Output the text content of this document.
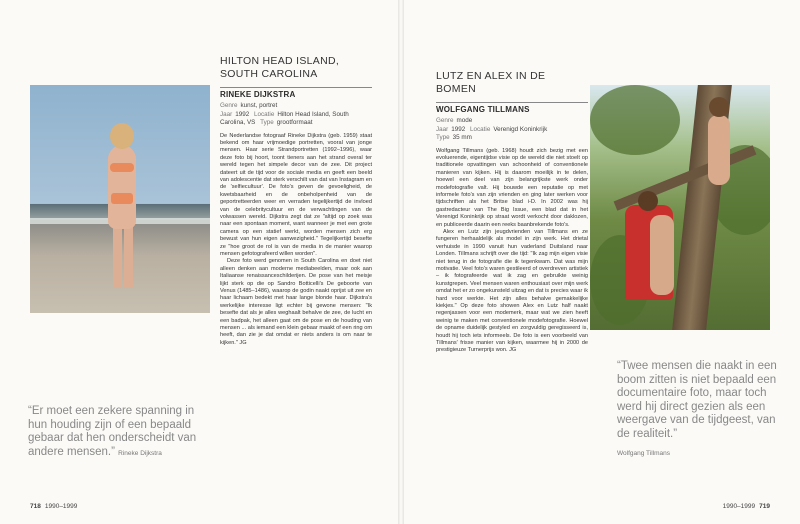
HILTON HEAD ISLAND, SOUTH CAROLINA
RINEKE DIJKSTRA
Genre kunst, portret
Jaar 1992 Locatie Hilton Head Island, South Carolina, VS Type grootformaat

De Nederlandse fotograaf Rineke Dijkstra (geb. 1959) staat bekend om haar vrijmoedige portretten, vooral van jonge mensen. Haar serie Strandportretten (1992–1996), waar deze foto bij hoort, toont tieners aan het strand overal ter wereld tegen het simpele decor van de zee. Dit project dateert uit de tijd voor de sociale media en geeft een beeld van adolescentie dat sterk verschilt van dat van Instagram en de 'selfiecultuur'. De foto's geven de gevoeligheid, de kwetsbaarheid en de onbeholpenheid van de geportretteerden weer en verraden tegelijkertijd de invloed van de celebritycultuur en de verwachtingen van de volwassen wereld. Dijkstra zegt dat ze "altijd op zoek was naar een spontaan moment, want wanneer je met een grote camera op een statief werkt, worden mensen zich erg bewust van hun eigen aanwezigheid." Tegelijkertijd besefte ze "hoe groot de rol is van de media in de manier waarop mensen gefotografeerd willen worden".

Deze foto werd genomen in South Carolina en doet niet alleen denken aan moderne mediabeelden, maar ook aan Italiaanse renaissanceschilderijen. De pose van het meisje lijkt sterk op die op Sandro Botticelli's De geboorte van Venus (1485–1486), waarop de godin naakt oprijst uit zee en haar lichaam bedekt met haar lange blonde haar. Dijkstra's werkelijke interesse ligt echter bij gewone mensen: "Ik besefte dat als je alles weghaalt behalve de zee, de lucht en een badpak, het alleen gaat om de pose en de houding van mensen ... als iemand een klein gebaar maakt of een ring om heeft, dan zie je dat omdat er niets anders is om naar te kijken." JG

“Er moet een zekere spanning in hun houding zijn of een bepaald gebaar dat hen onderscheidt van andere mensen.” Rineke Dijkstra
718 1990–1999
LUTZ EN ALEX IN DE BOMEN
WOLFGANG TILLMANS
Genre mode
Jaar 1992 Locatie Verenigd Koninkrijk
Type 35 mm

Wolfgang Tillmans (geb. 1968) houdt zich bezig met een evoluerende, eigentijdse visie op de wereld die niet stoelt op traditionele opvattingen van schoonheid of conventionele manieren van kijken. Hij is daarom moeilijk in te delen, hoewel een deel van zijn belangrijkste werk onder modefotografie valt. Hij bouwde een reputatie op met informele foto's van zijn vrienden en ging later werken voor tijdschriften als het Britse blad i-D. In 2002 was hij gastredacteur van The Big Issue, een blad dat in het Verenigd Koninkrijk op straat wordt verkocht door daklozen, en publiceerde daarin een reeks baanbrekende foto's.

Alex en Lutz zijn jeugdvrienden van Tillmans en ze fungeren herhaaldelijk als model in zijn werk. Het drietal verhuisde in 1990 vanuit hun vaderland Duitsland naar Londen. Tillmans schrijft over die tijd: "Ik zag mijn eigen visie niet terug in de fotografie die ik tegenkwam. Dat was mijn motivatie. Veel foto's waren gestileerd of overdreven artistiek – ik fotografeerde wat ik zag en gebruikte weinig kunstgrepen. Veel mensen waren enthousiast over mijn werk omdat het er zo ongekunsteld uitzag en dat is precies waar ik hard voor werkte. Het zijn alles behalve gemakkelijke kiekjes." Op deze foto showen Alex en Lutz half naakt regenjassen voor een modemerk, maar wat we zien heeft weinig te maken met conventionele modefotografie. Hoewel de opname duidelijk gestyled en zorgvuldig geregisseerd is, houdt hij toch iets informeels. De foto is een voorbeeld van Tillmans' frisse manier van kijken, waarmee hij in 2000 de prestigieuze Turnerprijs won. JG

“Twee mensen die naakt in een boom zitten is niet bepaald een documentaire foto, maar toch werd hij direct gezien als een weergave van de tijdgeest, van de realiteit.”
Wolfgang Tillmans
1990–1999 719
